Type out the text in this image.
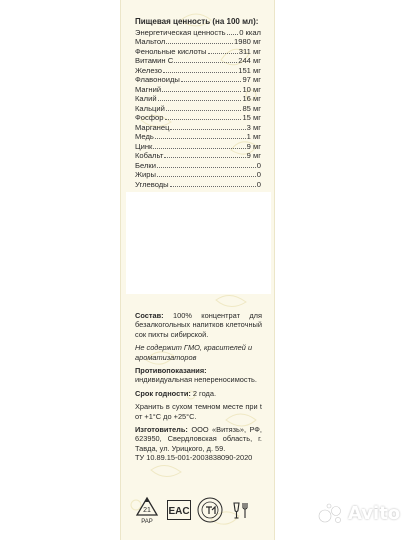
Пищевая ценность (на 100 мл):
Энергетическая ценность 0 ккал
Мальтол	1980 мг
Фенольные кислоты	311 мг
Витамин С	244 мг
Железо	151 мг
Флавоноиды	97 мг
Магний	10 мг
Калий	16 мг
Кальций	85 мг
Фосфор	15 мг
Марганец	3 мг
Медь	1 мг
Цинк	9 мг
Кобальт	9 мг
Белки	0
Жиры	0
Углеводы	0
Состав: 100% концентрат для безалкогольных напитков клеточный сок пихты сибирской.
Не содержит ГМО, красителей и ароматизаторов
Противопоказания: индивидуальная непереносимость.
Срок годности: 2 года.
Хранить в сухом темном месте при t от +1°С до +25°С.
Изготовитель: ООО «Витязь», РФ, 623950, Свердловская область, г. Тавда, ул. Урицкого, д. 59.
ТУ 10.89.15-001-2003838090-2020
21
PAP
EAC	Avito
